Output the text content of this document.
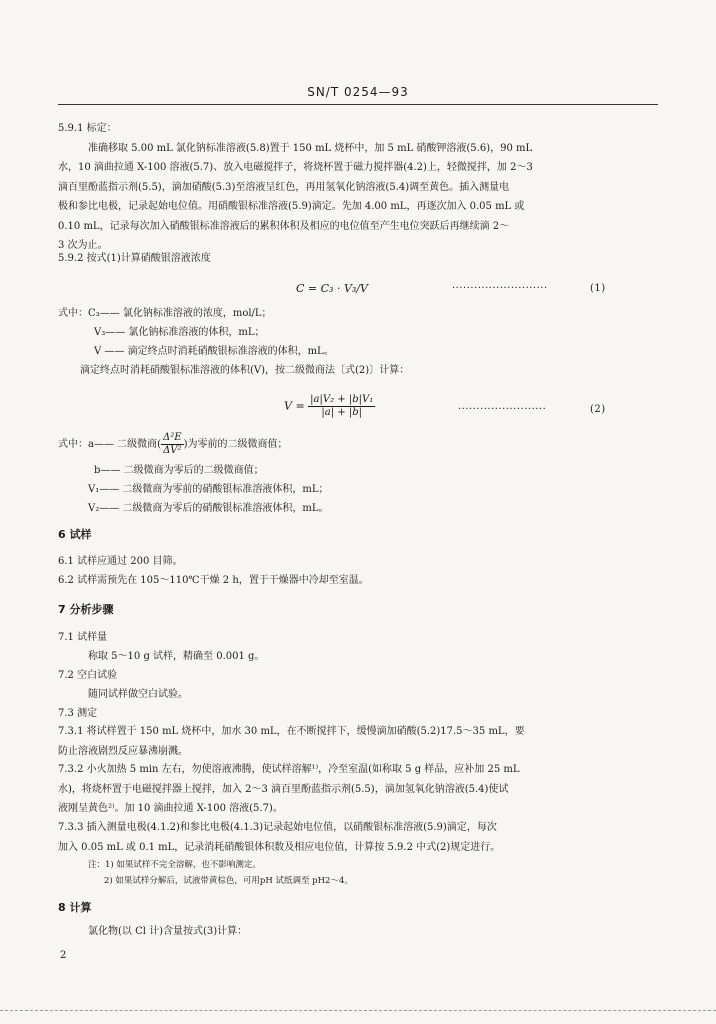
SN/T 0254—93
5.9.1 标定：
准确移取 5.00 mL 氯化钠标准溶液(5.8)置于 150 mL 烧杯中，加 5 mL 硝酸钾溶液(5.6)，90 mL
水，10 滴曲拉通 X-100 溶液(5.7)、放入电磁搅拌子，将烧杯置于磁力搅拌器(4.2)上，轻微搅拌，加 2～3
滴百里酚蓝指示剂(5.5)，滴加硝酸(5.3)至溶液呈红色，再用氢氧化钠溶液(5.4)调至黄色。插入测量电
极和参比电极，记录起始电位值。用硝酸银标准溶液(5.9)滴定。先加 4.00 mL，再逐次加入 0.05 mL 或
0.10 mL，记录每次加入硝酸银标准溶液后的累积体积及相应的电位值至产生电位突跃后再继续滴 2～
3 次为止。
5.9.2 按式(1)计算硝酸银溶液浓度
C = C₃ · V₃/V	··························	(1)
式中：C₃—— 氯化钠标准溶液的浓度，mol/L；
V₃—— 氯化钠标准溶液的体积，mL；
V —— 滴定终点时消耗硝酸银标准溶液的体积，mL。
滴定终点时消耗硝酸银标准溶液的体积(V)，按二级微商法〔式(2)〕计算：
$V = \frac{\text{|a|V₂ + |b|V₁}}{|a| + |b|}$	························	(2)
式中：a—— 二级微商( $\frac{\text{Δ²E}}{\text{ΔV²}}$ )为零前的二级微商值；
b—— 二级微商为零后的二级微商值；
V₁—— 二级微商为零前的硝酸银标准溶液体积，mL；
V₂—— 二级微商为零后的硝酸银标准溶液体积，mL。
6 试样
6.1 试样应通过 200 目筛。
6.2 试样需预先在 105～110℃干燥 2 h，置于干燥器中冷却至室温。
7 分析步骤
7.1 试样量
称取 5～10 g 试样，精确至 0.001 g。
7.2 空白试验
随同试样做空白试验。
7.3 测定
7.3.1 将试样置于 150 mL 烧杯中，加水 30 mL，在不断搅拌下，缓慢滴加硝酸(5.2)17.5～35 mL，要
防止溶液剧烈反应暴沸崩溅。
7.3.2 小火加热 5 min 左右，勿使溶液沸腾，使试样溶解¹⁾，冷至室温(如称取 5 g 样品，应补加 25 mL
水)，将烧杯置于电磁搅拌器上搅拌，加入 2～3 滴百里酚蓝指示剂(5.5)，滴加氢氧化钠溶液(5.4)使试
液刚呈黄色²⁾。加 10 滴曲拉通 X-100 溶液(5.7)。
7.3.3 插入测量电极(4.1.2)和参比电极(4.1.3)记录起始电位值，以硝酸银标准溶液(5.9)滴定，每次
加入 0.05 mL 或 0.1 mL，记录消耗硝酸银体积数及相应电位值，计算按 5.9.2 中式(2)规定进行。
注：1) 如果试样不完全溶解，也不影响测定。
2) 如果试样分解后，试液带黄棕色，可用pH 试纸调至 pH2～4。
8 计算
氯化物(以 Cl 计)含量按式(3)计算：
2
